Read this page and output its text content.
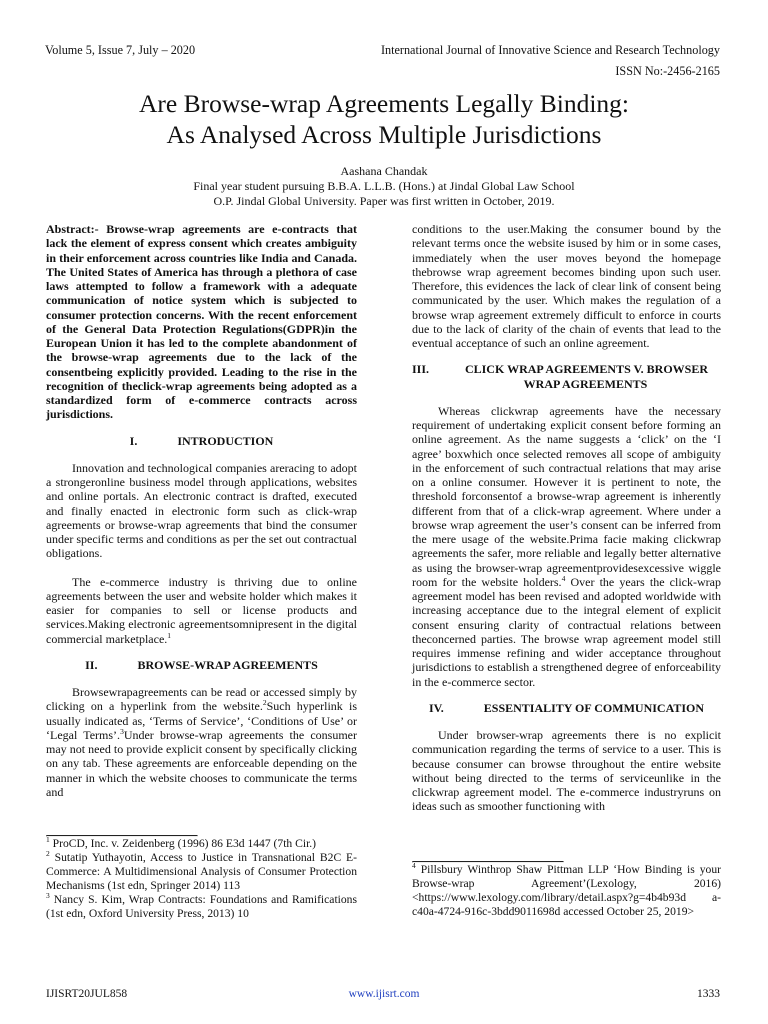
Volume 5, Issue 7, July – 2020	International Journal of Innovative Science and Research Technology
ISSN No:-2456-2165
Are Browse-wrap Agreements Legally Binding:
As Analysed Across Multiple Jurisdictions
Aashana Chandak
Final year student pursuing B.B.A. L.L.B. (Hons.) at Jindal Global Law School
O.P. Jindal Global University. Paper was first written in October, 2019.

Abstract:- Browse-wrap agreements are e-contracts that lack the element of express consent which creates ambiguity in their enforcement across countries like India and Canada. The United States of America has through a plethora of case laws attempted to follow a framework with a adequate communication of notice system which is subjected to consumer protection concerns. With the recent enforcement of the General Data Protection Regulations(GDPR)in the European Union it has led to the complete abandonment of the browse-wrap agreements due to the lack of the consentbeing explicitly provided. Leading to the rise in the recognition of theclick-wrap agreements being adopted as a standardized form of e-commerce contracts across jurisdictions.

I.	INTRODUCTION

Innovation and technological companies areracing to adopt a strongeronline business model through applications, websites and online portals. An electronic contract is drafted, executed and finally enacted in electronic form such as click-wrap agreements or browse-wrap agreements that bind the consumer under specific terms and conditions as per the set out contractual obligations.

The e-commerce industry is thriving due to online agreements between the user and website holder which makes it easier for companies to sell or license products and services.Making electronic agreementsomnipresent in the digital commercial marketplace.$^1$

II.	BROWSE-WRAP AGREEMENTS

Browsewrapagreements can be read or accessed simply by clicking on a hyperlink from the website.$^2$Such hyperlink is usually indicated as, ‘Terms of Service’, ‘Conditions of Use’ or ‘Legal Terms’.$^3$Under browse-wrap agreements the consumer may not need to provide explicit consent by specifically clicking on any tab. These agreements are enforceable depending on the manner in which the website chooses to communicate the terms and

$^1$ ProCD, Inc. v. Zeidenberg (1996) 86 E3d 1447 (7th Cir.)

$^2$ Sutatip Yuthayotin, Access to Justice in Transnational B2C E-Commerce: A Multidimensional Analysis of Consumer Protection Mechanisms (1st edn, Springer 2014) 113

$^3$ Nancy S. Kim, Wrap Contracts: Foundations and Ramifications (1st edn, Oxford University Press, 2013) 10

conditions to the user.Making the consumer bound by the relevant terms once the website isused by him or in some cases, immediately when the user moves beyond the homepage thebrowse wrap agreement becomes binding upon such user. Therefore, this evidences the lack of clear link of consent being communicated by the user. Which makes the regulation of a browse wrap agreement extremely difficult to enforce in courts due to the lack of clarity of the chain of events that lead to the eventual acceptance of such an online agreement.

III.	CLICK WRAP AGREEMENTS V. BROWSER
WRAP AGREEMENTS

Whereas clickwrap agreements have the necessary requirement of undertaking explicit consent before forming an online agreement. As the name suggests a ‘click’ on the ‘I agree’ boxwhich once selected removes all scope of ambiguity in the enforcement of such contractual relations that may arise on a online consumer. However it is pertinent to note, the threshold forconsentof a browse-wrap agreement is inherently different from that of a click-wrap agreement. Where under a browse wrap agreement the user’s consent can be inferred from the mere usage of the website.Prima facie making clickwrap agreements the safer, more reliable and legally better alternative as using the browser-wrap agreementprovidesexcessive wiggle room for the website holders.$^4$ Over the years the click-wrap agreement model has been revised and adopted worldwide with increasing acceptance due to the integral element of explicit consent ensuring clarity of contractual relations between theconcerned parties. The browse wrap agreement model still requires immense refining and wider acceptance throughout jurisdictions to establish a strengthened degree of enforceability in the e-commerce sector.

IV.	ESSENTIALITY OF COMMUNICATION

Under browser-wrap agreements there is no explicit communication regarding the terms of service to a user. This is because consumer can browse throughout the entire website without being directed to the terms of serviceunlike in the clickwrap agreement model. The e-commerce industryruns on ideas such as smoother functioning with

$^4$ Pillsbury Winthrop Shaw Pittman LLP ‘How Binding is your Browse-wrap Agreement’(Lexology, 2016) <https://www.lexology.com/library/detail.aspx?g=4b4b93d a-c40a-4724-916c-3bdd9011698d accessed October 25, 2019>

IJISRT20JUL858	www.ijisrt.com	1333
